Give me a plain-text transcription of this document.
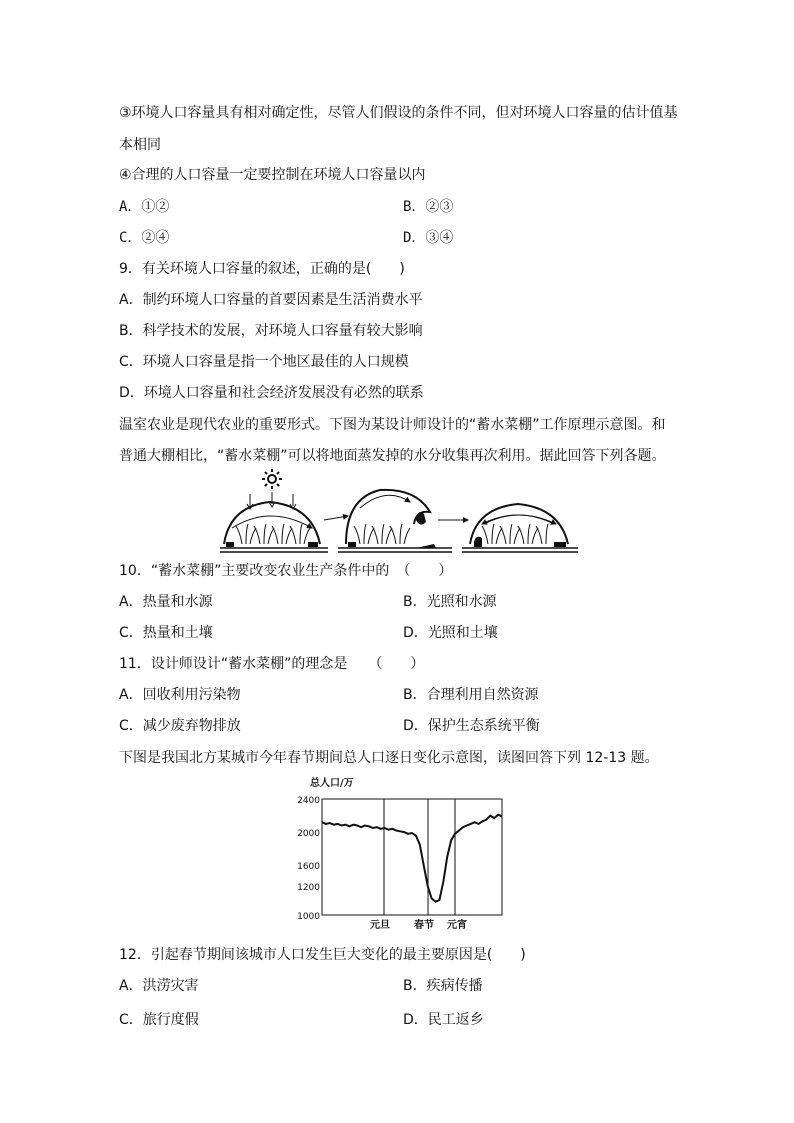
③环境人口容量具有相对确定性，尽管人们假设的条件不同，但对环境人口容量的估计值基
本相同
④合理的人口容量一定要控制在环境人口容量以内
A．①②	B．②③
C．②④	D．③④
9．有关环境人口容量的叙述，正确的是(　　)
A．制约环境人口容量的首要因素是生活消费水平
B．科学技术的发展，对环境人口容量有较大影响
C．环境人口容量是指一个地区最佳的人口规模
D．环境人口容量和社会经济发展没有必然的联系
温室农业是现代农业的重要形式。下图为某设计师设计的“蓄水菜棚”工作原理示意图。和
普通大棚相比，“蓄水菜棚”可以将地面蒸发掉的水分收集再次利用。据此回答下列各题。
10．“蓄水菜棚”主要改变农业生产条件中的　（　　）
A．热量和水源	B．光照和水源
C．热量和土壤	D．光照和土壤
11．设计师设计“蓄水菜棚”的理念是　　（　　）
A．回收利用污染物	B．合理利用自然资源
C．减少废弃物排放	D．保护生态系统平衡
下图是我国北方某城市今年春节期间总人口逐日变化示意图，读图回答下列 12-13 题。
总人口/万
2400
2000
1600
1200
1000
元旦 春节 元宵
12．引起春节期间该城市人口发生巨大变化的最主要原因是(　　)
A．洪涝灾害	B．疾病传播
C．旅行度假	D．民工返乡
